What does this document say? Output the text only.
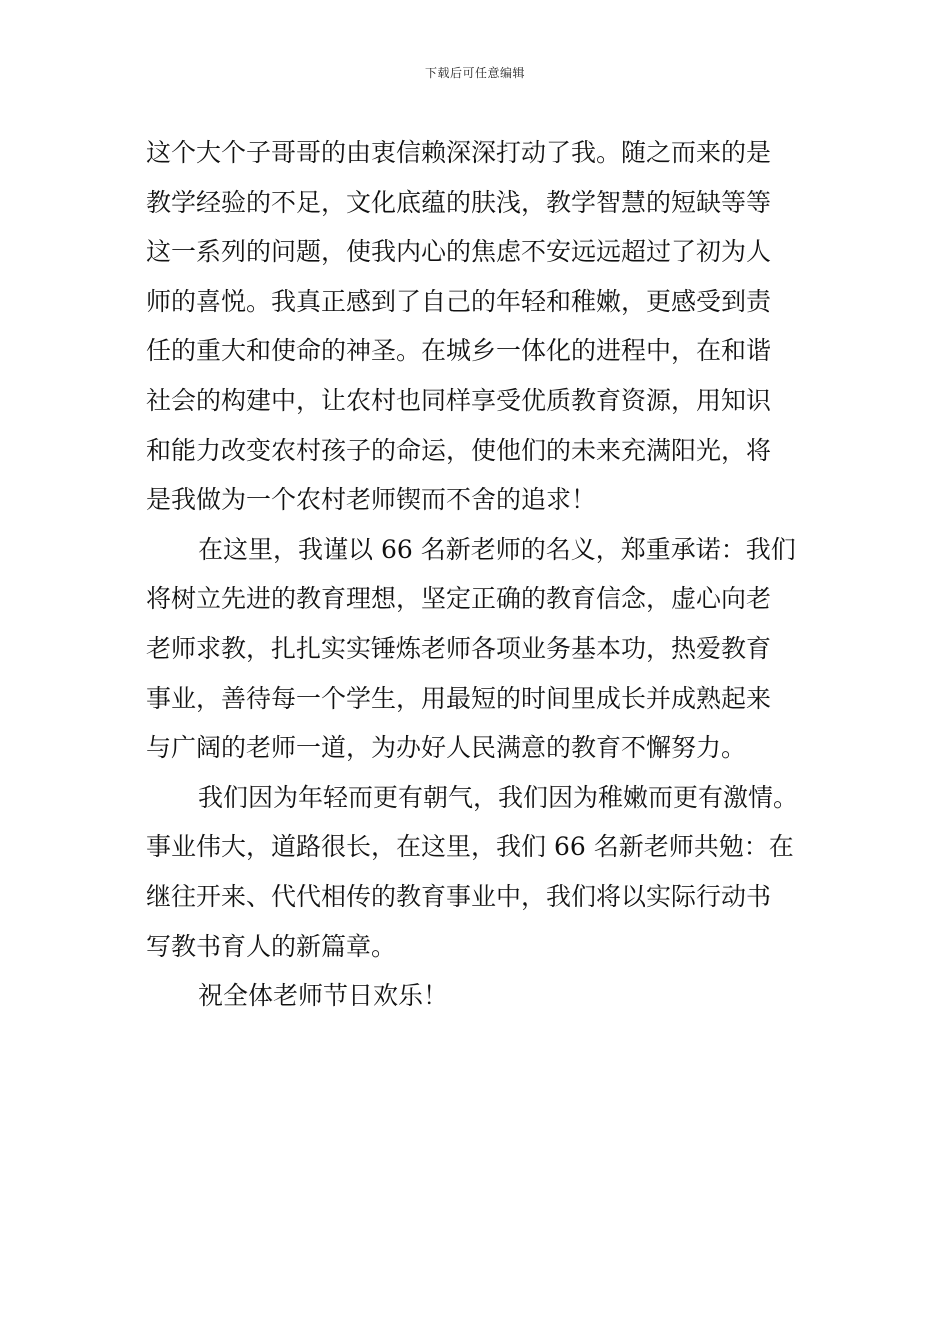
下载后可任意编辑
这个大个子哥哥的由衷信赖深深打动了我。随之而来的是
教学经验的不足，文化底蕴的肤浅，教学智慧的短缺等等
这一系列的问题，使我内心的焦虑不安远远超过了初为人
师的喜悦。我真正感到了自己的年轻和稚嫩，更感受到责
任的重大和使命的神圣。在城乡一体化的进程中，在和谐
社会的构建中，让农村也同样享受优质教育资源，用知识
和能力改变农村孩子的命运，使他们的未来充满阳光，将
是我做为一个农村老师锲而不舍的追求！
在这里，我谨以 66 名新老师的名义，郑重承诺：我们
将树立先进的教育理想，坚定正确的教育信念，虚心向老
老师求教，扎扎实实锤炼老师各项业务基本功，热爱教育
事业，善待每一个学生，用最短的时间里成长并成熟起来
与广阔的老师一道，为办好人民满意的教育不懈努力。
我们因为年轻而更有朝气，我们因为稚嫩而更有激情。
事业伟大，道路很长，在这里，我们 66 名新老师共勉：在
继往开来、代代相传的教育事业中，我们将以实际行动书
写教书育人的新篇章。
祝全体老师节日欢乐！
